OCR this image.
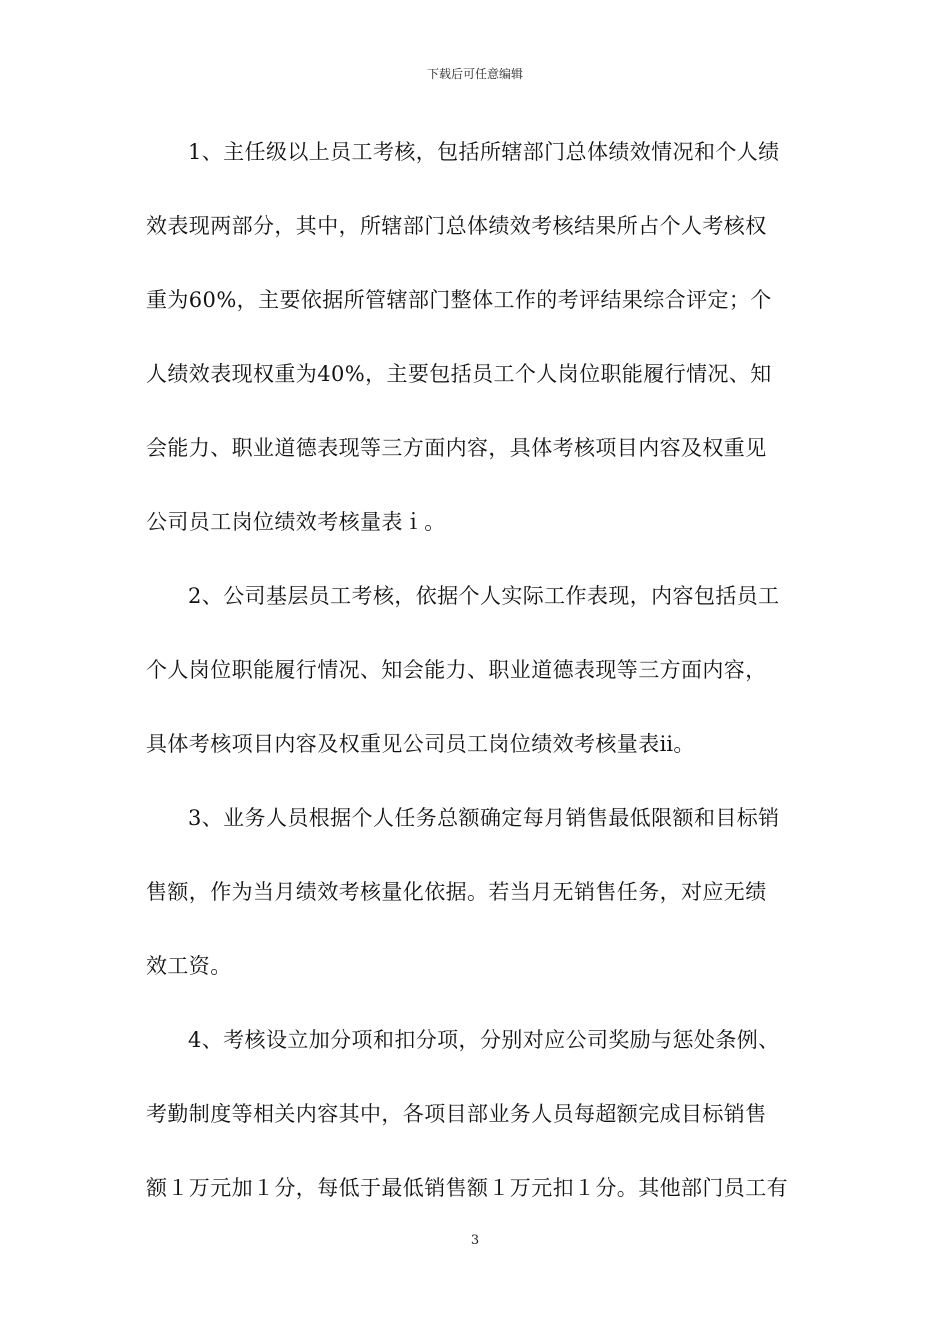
下载后可任意编辑
1、主任级以上员工考核，包括所辖部门总体绩效情况和个人绩
效表现两部分，其中，所辖部门总体绩效考核结果所占个人考核权
重为60%，主要依据所管辖部门整体工作的考评结果综合评定；个
人绩效表现权重为40%，主要包括员工个人岗位职能履行情况、知
会能力、职业道德表现等三方面内容，具体考核项目内容及权重见
公司员工岗位绩效考核量表ｉ。
2、公司基层员工考核，依据个人实际工作表现，内容包括员工
个人岗位职能履行情况、知会能力、职业道德表现等三方面内容，
具体考核项目内容及权重见公司员工岗位绩效考核量表ⅱ。
3、业务人员根据个人任务总额确定每月销售最低限额和目标销
售额，作为当月绩效考核量化依据。若当月无销售任务，对应无绩
效工资。
4、考核设立加分项和扣分项，分别对应公司奖励与惩处条例、
考勤制度等相关内容其中，各项目部业务人员每超额完成目标销售
额１万元加１分，每低于最低销售额１万元扣１分。其他部门员工有
3
